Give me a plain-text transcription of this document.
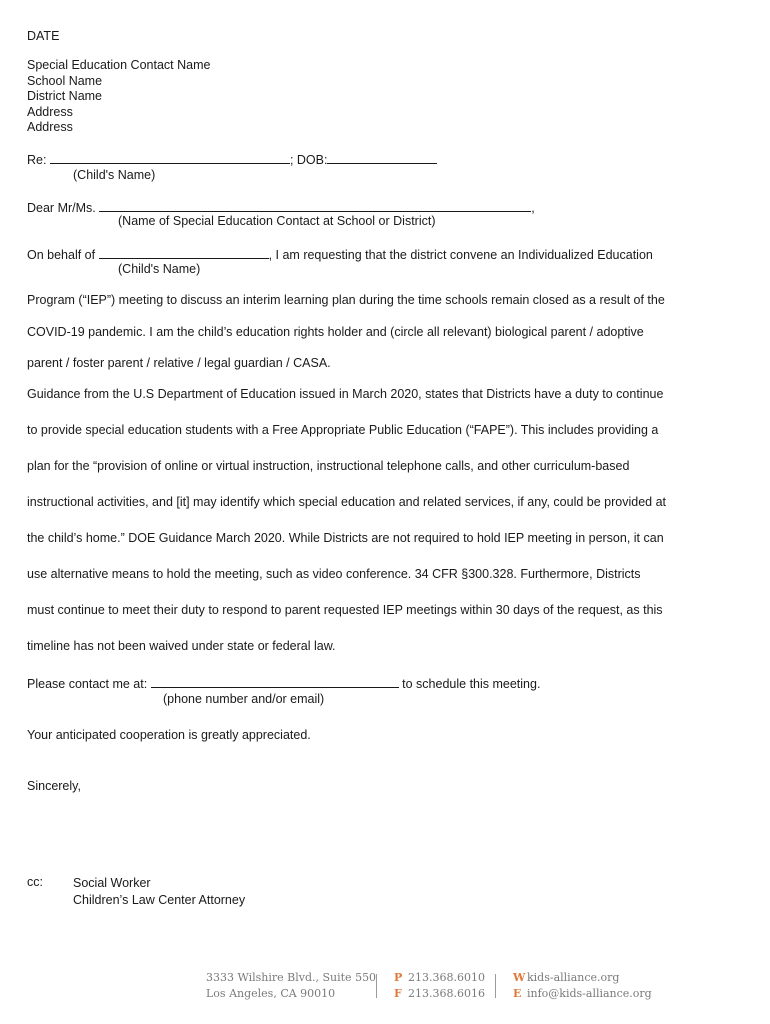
DATE
Special Education Contact Name
School Name
District Name
Address
Address
Re:	; DOB:
(Child's Name)
Dear Mr/Ms.	,
(Name of Special Education Contact at School or District)
On behalf of	, I am requesting that the district convene an Individualized Education
(Child's Name)
Program (“IEP”) meeting to discuss an interim learning plan during the time schools remain closed as a result of the
COVID-19 pandemic. I am the child’s education rights holder and (circle all relevant) biological parent / adoptive
parent / foster parent / relative / legal guardian / CASA.
Guidance from the U.S Department of Education issued in March 2020, states that Districts have a duty to continue
to provide special education students with a Free Appropriate Public Education (“FAPE”). This includes providing a
plan for the “provision of online or virtual instruction, instructional telephone calls, and other curriculum-based
instructional activities, and [it] may identify which special education and related services, if any, could be provided at
the child’s home.” DOE Guidance March 2020. While Districts are not required to hold IEP meeting in person, it can
use alternative means to hold the meeting, such as video conference. 34 CFR §300.328. Furthermore, Districts
must continue to meet their duty to respond to parent requested IEP meetings within 30 days of the request, as this
timeline has not been waived under state or federal law.
Please contact me at:	to schedule this meeting.
(phone number and/or email)
Your anticipated cooperation is greatly appreciated.
Sincerely,
cc: Social Worker
Children’s Law Center Attorney
3333 Wilshire Blvd., Suite 550
Los Angeles, CA 90010
P 213.368.6010
F 213.368.6016
W kids-alliance.org
E info@kids-alliance.org
